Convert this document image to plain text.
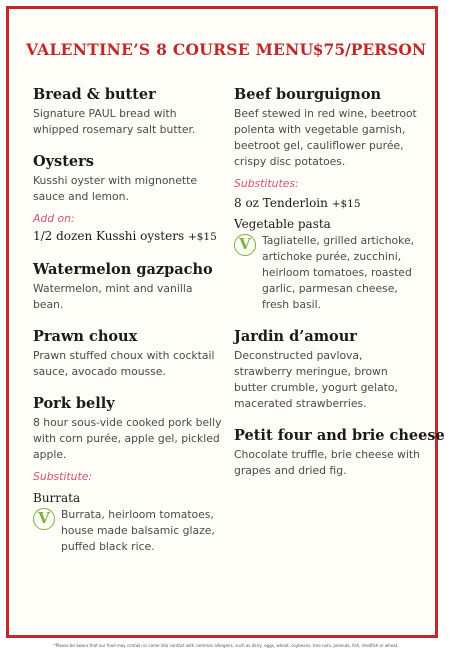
VALENTINE’S 8 COURSE MENU $75/PERSON
Bread & butter
Signature PAUL bread with whipped rosemary salt butter.
Oysters
Kusshi oyster with mignonette sauce and lemon.
Add on:
1/2 dozen Kusshi oysters +$15
Watermelon gazpacho
Watermelon, mint and vanilla bean.
Prawn choux
Prawn stuffed choux with cocktail sauce, avocado mousse.
Pork belly
8 hour sous-vide cooked pork belly with corn purée, apple gel, pickled apple.
Substitute:
Burrata
V	Burrata, heirloom tomatoes, house made balsamic glaze, puffed black rice.
Beef bourguignon
Beef stewed in red wine, beetroot polenta with vegetable garnish, beetroot gel, cauliflower purée, crispy disc potatoes.
Substitutes:
8 oz Tenderloin +$15
Vegetable pasta
V	Tagliatelle, grilled artichoke, artichoke purée, zucchini, heirloom tomatoes, roasted garlic, parmesan cheese, fresh basil.
Jardin d’amour
Deconstructed pavlova, strawberry meringue, brown butter crumble, yogurt gelato, macerated strawberries.
Petit four and brie cheese
Chocolate truffle, brie cheese with grapes and dried fig.
*Please be aware that our food may contain or come into contact with common allergens, such as dairy, eggs, wheat, soybeans, tree nuts, peanuts, fish, shellfish or wheat.
